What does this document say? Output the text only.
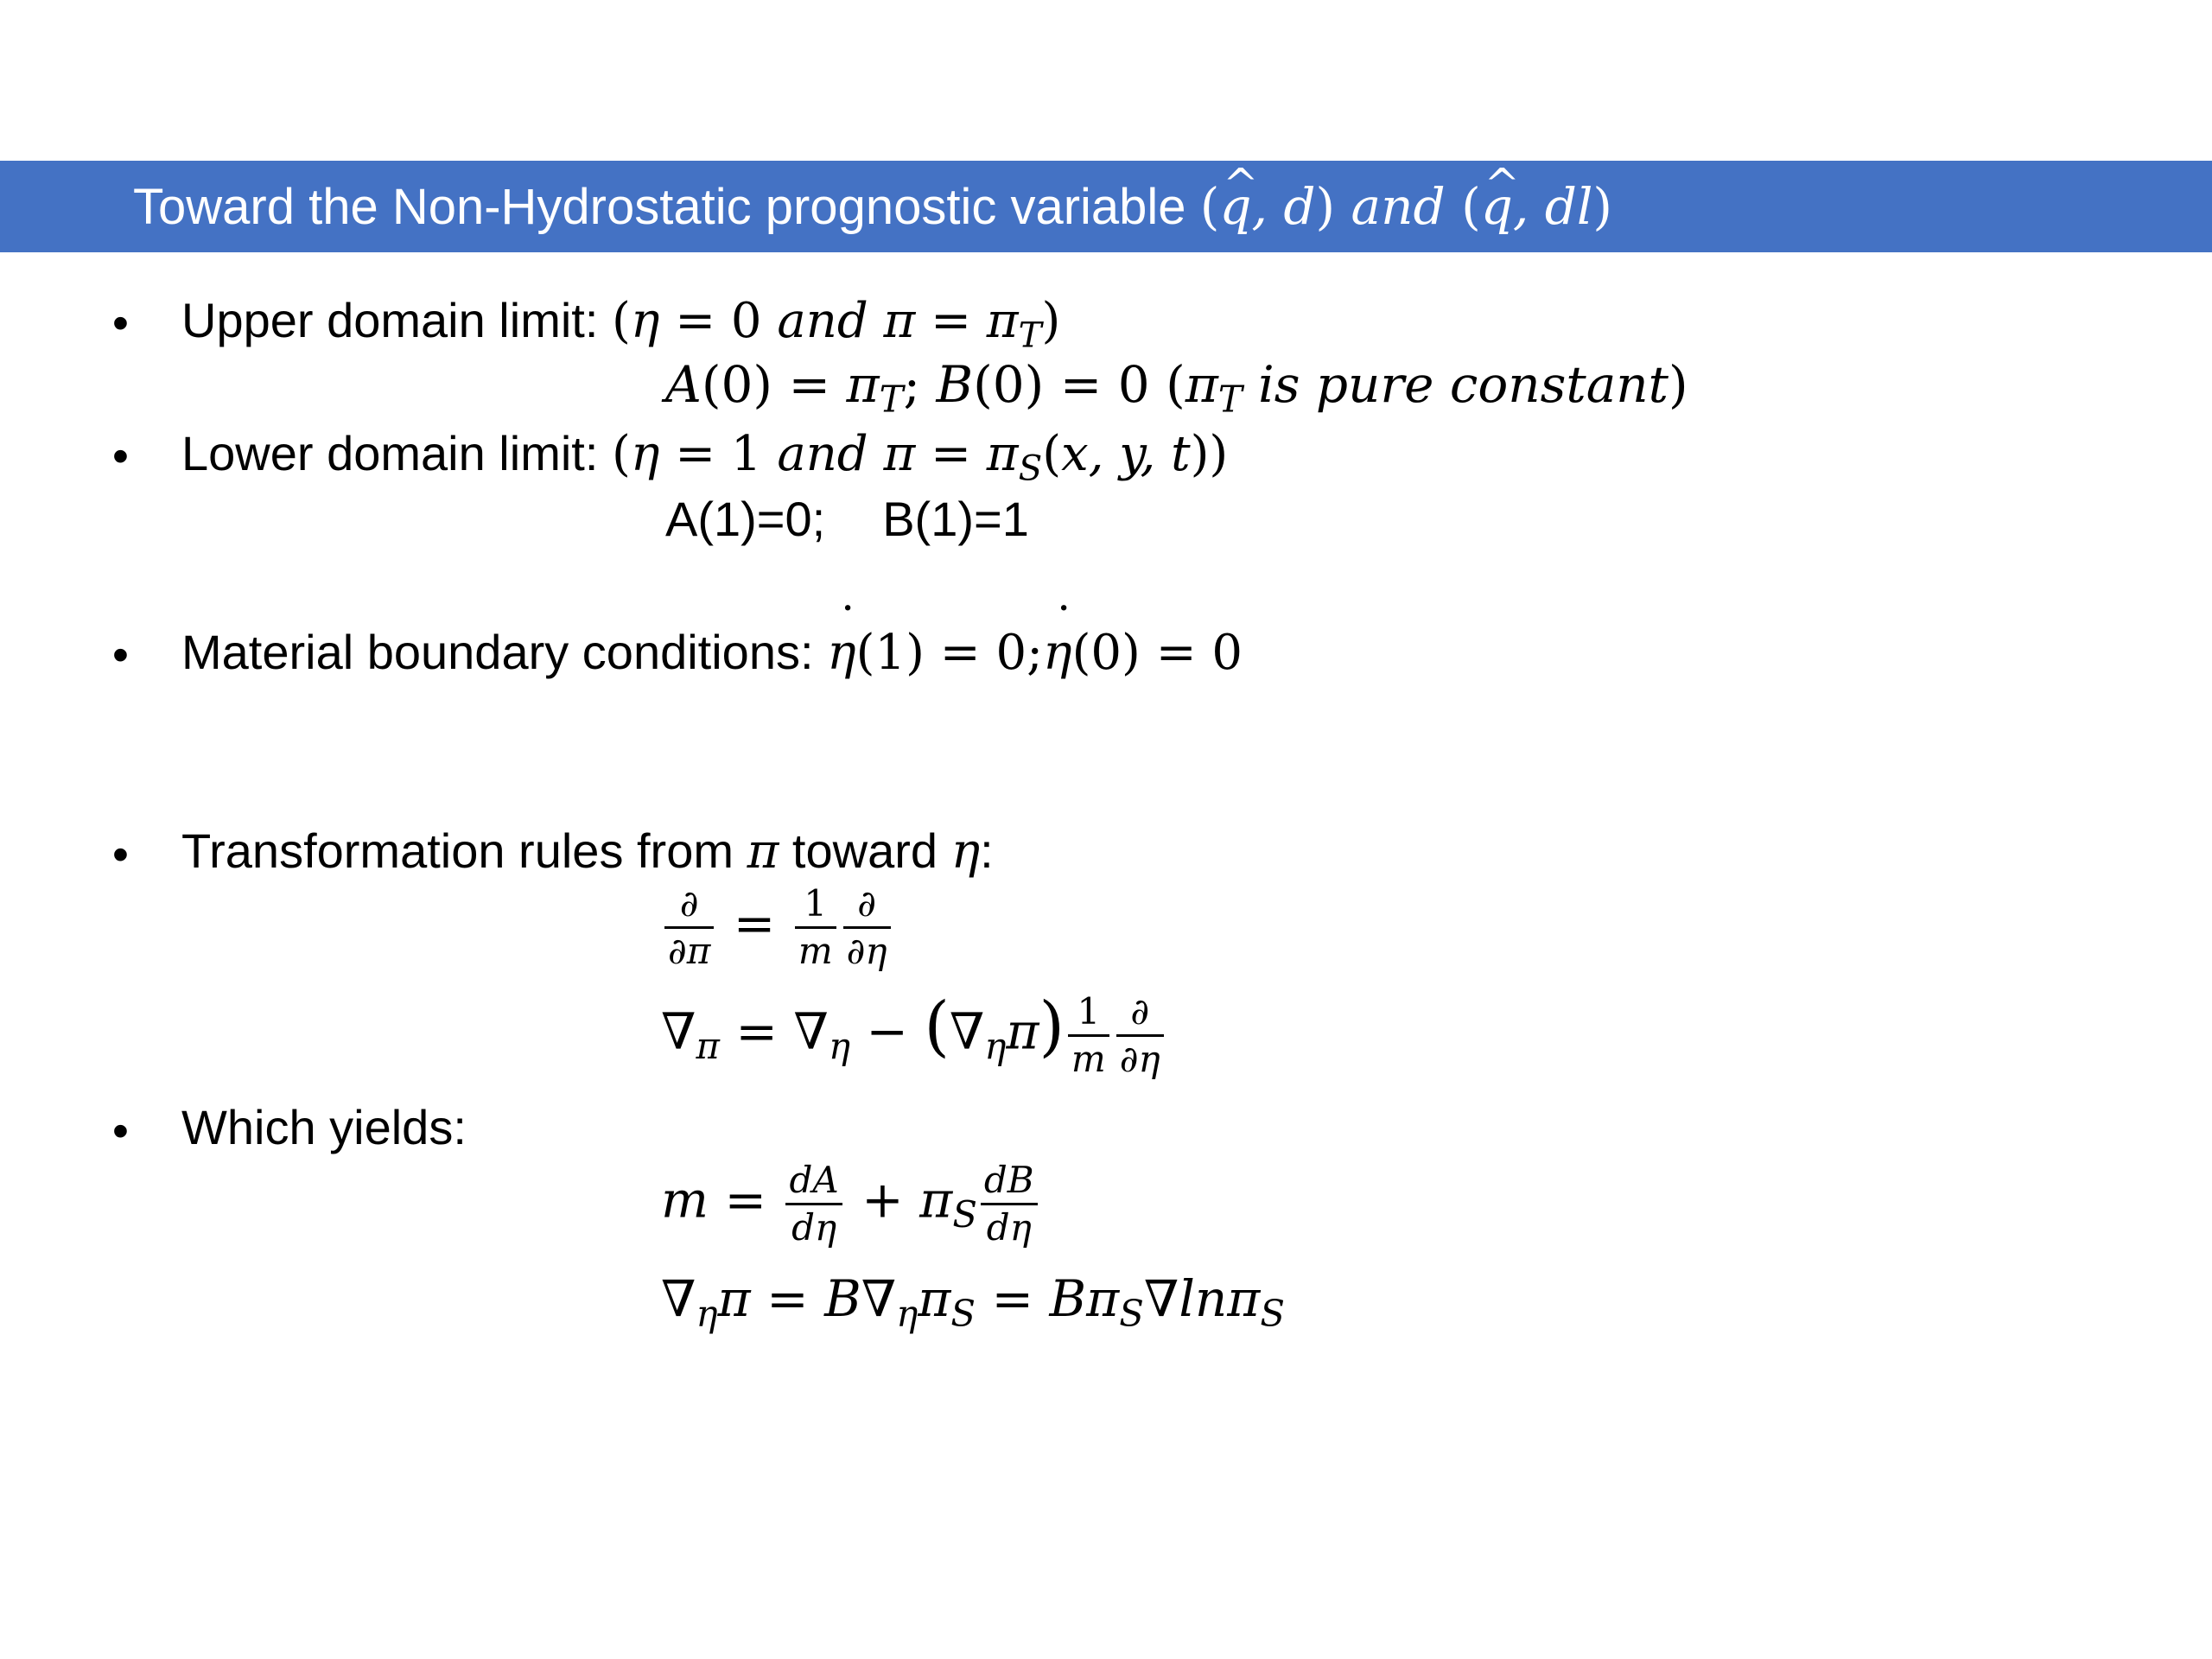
Toward the Non-Hydrostatic prognostic variable (q ^, d) and (q ^, dl)
• Upper domain limit: (η = 0 and $\pi = \pi_T$)
$A(0) = \pi_T$; B(0) = 0 ($\pi_T$ is pure constant)
• Lower domain limit: (η = 1 and $\pi = \pi_S(x$, y, t))
A(1)=0; B(1)=1
• Material boundary conditions: η ˙(1) = 0;η ˙(0) = 0
• Transformation rules from π toward η:
$\frac{\partial}{\partial\pi} = \frac{1}{m} \frac{\partial}{\partial\eta}$
$\nabla_\pi = \nabla_\eta - (\nabla_\eta\pi) \frac{1}{m} \frac{\partial}{\partial\eta}$
• Which yields:
$m = \frac{dA}{d\eta} + \pi_S \frac{dB}{d\eta}$
$\nabla_\eta\pi = B\nabla_\eta\pi_S = B\pi_S\nabla\ln\pi_S$
